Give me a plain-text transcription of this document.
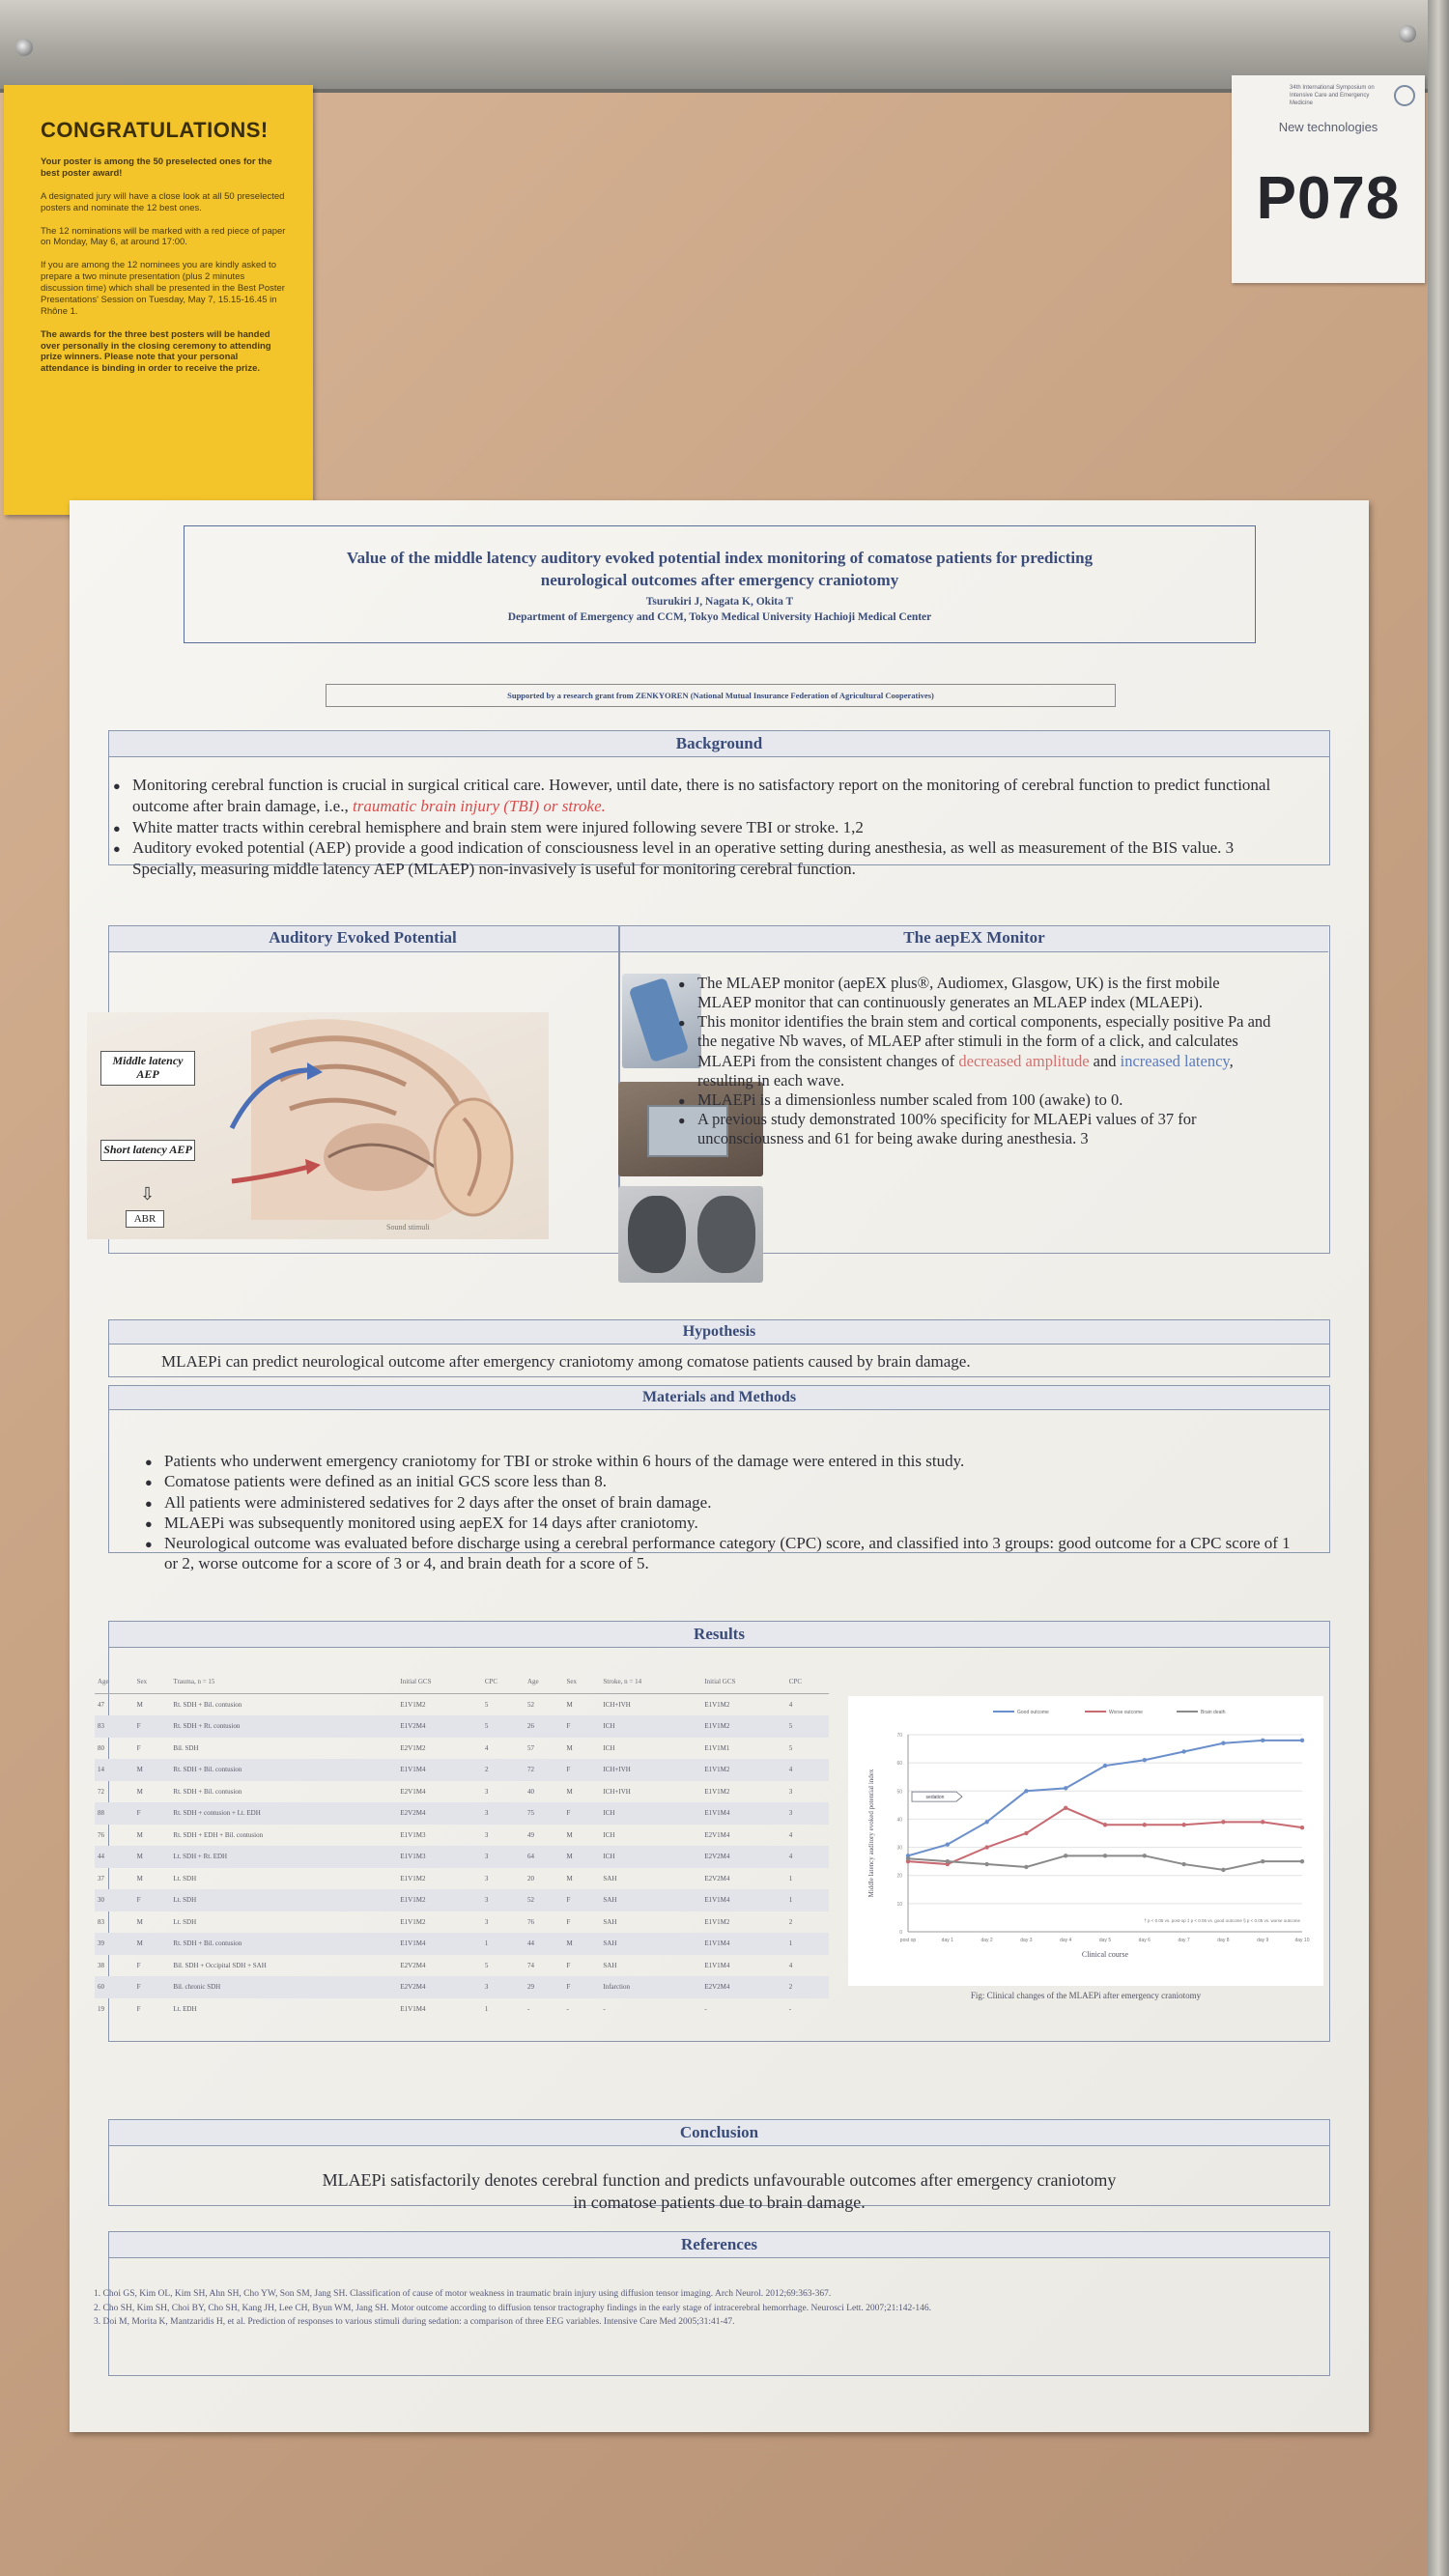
CONGRATULATIONS!

Your poster is among the 50 preselected ones for the best poster award!

A designated jury will have a close look at all 50 preselected posters and nominate the 12 best ones.

The 12 nominations will be marked with a red piece of paper on Monday, May 6, at around 17:00.

If you are among the 12 nominees you are kindly asked to prepare a two minute presentation (plus 2 minutes discussion time) which shall be presented in the Best Poster Presentations' Session on Tuesday, May 7, 15.15-16.45 in Rhône 1.

The awards for the three best posters will be handed over personally in the closing ceremony to attending prize winners. Please note that your personal attendance is binding in order to receive the prize.

34th International Symposium on Intensive Care and Emergency Medicine
New technologies
P078
Value of the middle latency auditory evoked potential index monitoring of comatose patients for predicting
neurological outcomes after emergency craniotomy
Tsurukiri J, Nagata K, Okita T
Department of Emergency and CCM, Tokyo Medical University Hachioji Medical Center
Supported by a research grant from ZENKYOREN (National Mutual Insurance Federation of Agricultural Cooperatives)
Background
● Monitoring cerebral function is crucial in surgical critical care. However, until date, there is no satisfactory report on the monitoring of cerebral function to predict functional outcome after brain damage, i.e., traumatic brain injury (TBI) or stroke.
● White matter tracts within cerebral hemisphere and brain stem were injured following severe TBI or stroke. 1,2
● Auditory evoked potential (AEP) provide a good indication of consciousness level in an operative setting during anesthesia, as well as measurement of the BIS value. 3 Specially, measuring middle latency AEP (MLAEP) non-invasively is useful for monitoring cerebral function.
Auditory Evoked Potential	The aepEX Monitor
Middle latency AEP
Short latency AEP
⇩
ABR
Sound stimuli
● The MLAEP monitor (aepEX plus®, Audiomex, Glasgow, UK) is the first mobile MLAEP monitor that can continuously generates an MLAEP index (MLAEPi).
● This monitor identifies the brain stem and cortical components, especially positive Pa and the negative Nb waves, of MLAEP after stimuli in the form of a click, and calculates MLAEPi from the consistent changes of decreased amplitude and increased latency, resulting in each wave.
● MLAEPi is a dimensionless number scaled from 100 (awake) to 0.
● A previous study demonstrated 100% specificity for MLAEPi values of 37 for unconsciousness and 61 for being awake during anesthesia. 3
Hypothesis
MLAEPi can predict neurological outcome after emergency craniotomy among comatose patients caused by brain damage.
Materials and Methods
● Patients who underwent emergency craniotomy for TBI or stroke within 6 hours of the damage were entered in this study.
● Comatose patients were defined as an initial GCS score less than 8.
● All patients were administered sedatives for 2 days after the onset of brain damage.
● MLAEPi was subsequently monitored using aepEX for 14 days after craniotomy.
● Neurological outcome was evaluated before discharge using a cerebral performance category (CPC) score, and classified into 3 groups: good outcome for a CPC score of 1 or 2, worse outcome for a score of 3 or 4, and brain death for a score of 5.
Results
Age	Sex	Trauma, n = 15	Initial GCS	CPC	Age	Sex	Stroke, n = 14	Initial GCS	CPC
47	M	Rt. SDH + Bil. contusion	E1V1M2	5	52	M	ICH+IVH	E1V1M2	4
83	F	Rt. SDH + Rt. contusion	E1V2M4	5	26	F	ICH	E1V1M2	5
80	F	Bil. SDH	E2V1M2	4	57	M	ICH	E1V1M1	5
14	M	Rt. SDH + Bil. contusion	E1V1M4	2	72	F	ICH+IVH	E1V1M2	4
72	M	Rt. SDH + Bil. contusion	E2V1M4	3	40	M	ICH+IVH	E1V1M2	3
88	F	Rt. SDH + contusion + Lt. EDH	E2V2M4	3	75	F	ICH	E1V1M4	3
76	M	Rt. SDH + EDH + Bil. contusion	E1V1M3	3	49	M	ICH	E2V1M4	4
44	M	Lt. SDH + Rt. EDH	E1V1M3	3	64	M	ICH	E2V2M4	4
37	M	Lt. SDH	E1V1M2	3	20	M	SAH	E2V2M4	1
30	F	Lt. SDH	E1V1M2	3	52	F	SAH	E1V1M4	1
83	M	Lt. SDH	E1V1M2	3	76	F	SAH	E1V1M2	2
39	M	Rt. SDH + Bil. contusion	E1V1M4	1	44	M	SAH	E1V1M4	1
38	F	Bil. SDH + Occipital SDH + SAH	E2V2M4	5	74	F	SAH	E1V1M4	4
60	F	Bil. chronic SDH	E2V2M4	3	29	F	Infarction	E2V2M4	2
19	F	Lt. EDH	E1V1M4	1	-	-	-	-	-
0
10
20
30
40
50
60
70
post op	day 1	day 2	day 3	day 4	day 5	day 6	day 7	day 8	day 9	day 10
Clinical course
Middle latency auditory evoked potential index	sedation
Good outcome	Worse outcome	Brain death
† p < 0.05 vs. post-op ‡ p < 0.05 vs. good outcome § p < 0.05 vs. worse outcome
Fig: Clinical changes of the MLAEPi after emergency craniotomy
Conclusion
MLAEPi satisfactorily denotes cerebral function and predicts unfavourable outcomes after emergency craniotomy
in comatose patients due to brain damage.
References
1. Choi GS, Kim OL, Kim SH, Ahn SH, Cho YW, Son SM, Jang SH. Classification of cause of motor weakness in traumatic brain injury using diffusion tensor imaging. Arch Neurol. 2012;69:363-367.
2. Cho SH, Kim SH, Choi BY, Cho SH, Kang JH, Lee CH, Byun WM, Jang SH. Motor outcome according to diffusion tensor tractography findings in the early stage of intracerebral hemorrhage. Neurosci Lett. 2007;21:142-146.
3. Doi M, Morita K, Mantzaridis H, et al. Prediction of responses to various stimuli during sedation: a comparison of three EEG variables. Intensive Care Med 2005;31:41-47.
